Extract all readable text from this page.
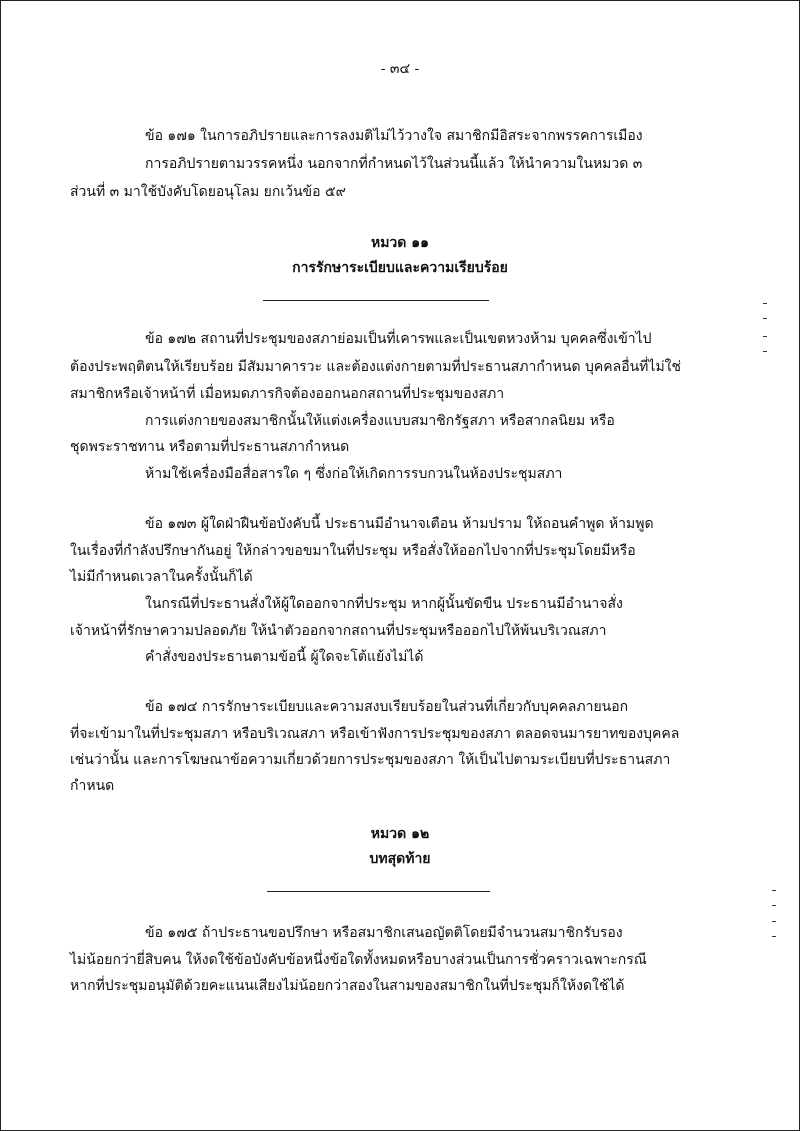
- ๓๔ -
ข้อ ๑๗๑ ในการอภิปรายและการลงมติไม่ไว้วางใจ สมาชิกมีอิสระจากพรรคการเมือง
การอภิปรายตามวรรคหนึ่ง นอกจากที่กำหนดไว้ในส่วนนี้แล้ว ให้นำความในหมวด ๓
ส่วนที่ ๓ มาใช้บังคับโดยอนุโลม ยกเว้นข้อ ๕๙
หมวด ๑๑
การรักษาระเบียบและความเรียบร้อย
ข้อ ๑๗๒ สถานที่ประชุมของสภาย่อมเป็นที่เคารพและเป็นเขตหวงห้าม บุคคลซึ่งเข้าไป
ต้องประพฤติตนให้เรียบร้อย มีสัมมาคารวะ และต้องแต่งกายตามที่ประธานสภากำหนด บุคคลอื่นที่ไม่ใช่
สมาชิกหรือเจ้าหน้าที่ เมื่อหมดภารกิจต้องออกนอกสถานที่ประชุมของสภา
การแต่งกายของสมาชิกนั้นให้แต่งเครื่องแบบสมาชิกรัฐสภา หรือสากลนิยม หรือ
ชุดพระราชทาน หรือตามที่ประธานสภากำหนด
ห้ามใช้เครื่องมือสื่อสารใด ๆ ซึ่งก่อให้เกิดการรบกวนในห้องประชุมสภา
ข้อ ๑๗๓ ผู้ใดฝ่าฝืนข้อบังคับนี้ ประธานมีอำนาจเตือน ห้ามปราม ให้ถอนคำพูด ห้ามพูด
ในเรื่องที่กำลังปรึกษากันอยู่ ให้กล่าวขอขมาในที่ประชุม หรือสั่งให้ออกไปจากที่ประชุมโดยมีหรือ
ไม่มีกำหนดเวลาในครั้งนั้นก็ได้
ในกรณีที่ประธานสั่งให้ผู้ใดออกจากที่ประชุม หากผู้นั้นขัดขืน ประธานมีอำนาจสั่ง
เจ้าหน้าที่รักษาความปลอดภัย ให้นำตัวออกจากสถานที่ประชุมหรือออกไปให้พ้นบริเวณสภา
คำสั่งของประธานตามข้อนี้ ผู้ใดจะโต้แย้งไม่ได้
ข้อ ๑๗๔ การรักษาระเบียบและความสงบเรียบร้อยในส่วนที่เกี่ยวกับบุคคลภายนอก
ที่จะเข้ามาในที่ประชุมสภา หรือบริเวณสภา หรือเข้าฟังการประชุมของสภา ตลอดจนมารยาทของบุคคล
เช่นว่านั้น และการโฆษณาข้อความเกี่ยวด้วยการประชุมของสภา ให้เป็นไปตามระเบียบที่ประธานสภา
กำหนด
หมวด ๑๒
บทสุดท้าย
ข้อ ๑๗๕ ถ้าประธานขอปรึกษา หรือสมาชิกเสนอญัตติโดยมีจำนวนสมาชิกรับรอง
ไม่น้อยกว่ายี่สิบคน ให้งดใช้ข้อบังคับข้อหนึ่งข้อใดทั้งหมดหรือบางส่วนเป็นการชั่วคราวเฉพาะกรณี
หากที่ประชุมอนุมัติด้วยคะแนนเสียงไม่น้อยกว่าสองในสามของสมาชิกในที่ประชุมก็ให้งดใช้ได้
